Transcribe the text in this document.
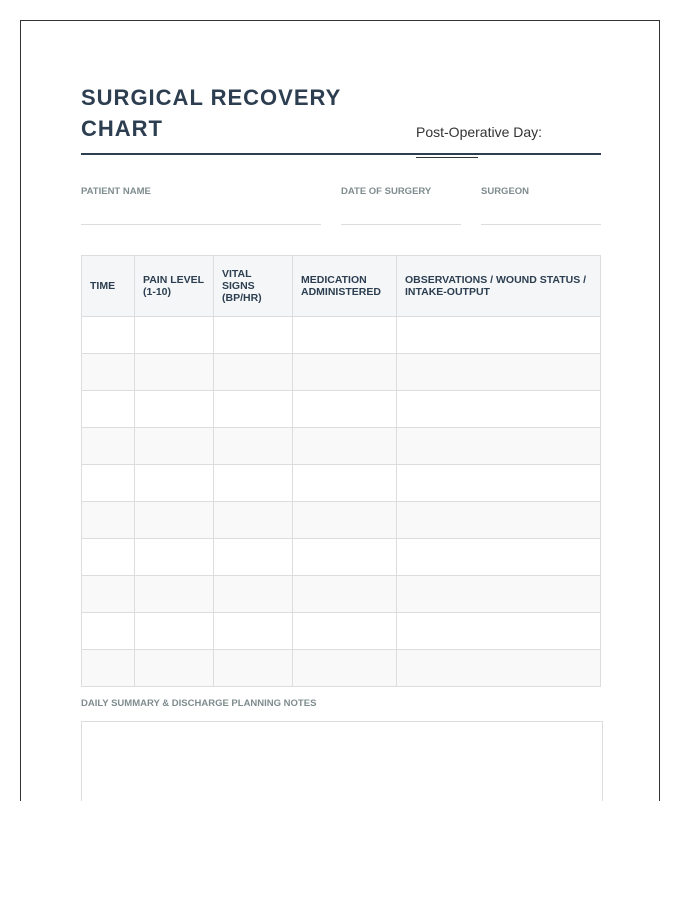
SURGICAL RECOVERY
CHART	Post-Operative Day:
PATIENT NAME	DATE OF SURGERY	SURGEON
TIME	PAIN LEVEL (1-10)	VITAL SIGNS (BP/HR)	MEDICATION ADMINISTERED	OBSERVATIONS / WOUND STATUS / INTAKE-OUTPUT

DAILY SUMMARY & DISCHARGE PLANNING NOTES
